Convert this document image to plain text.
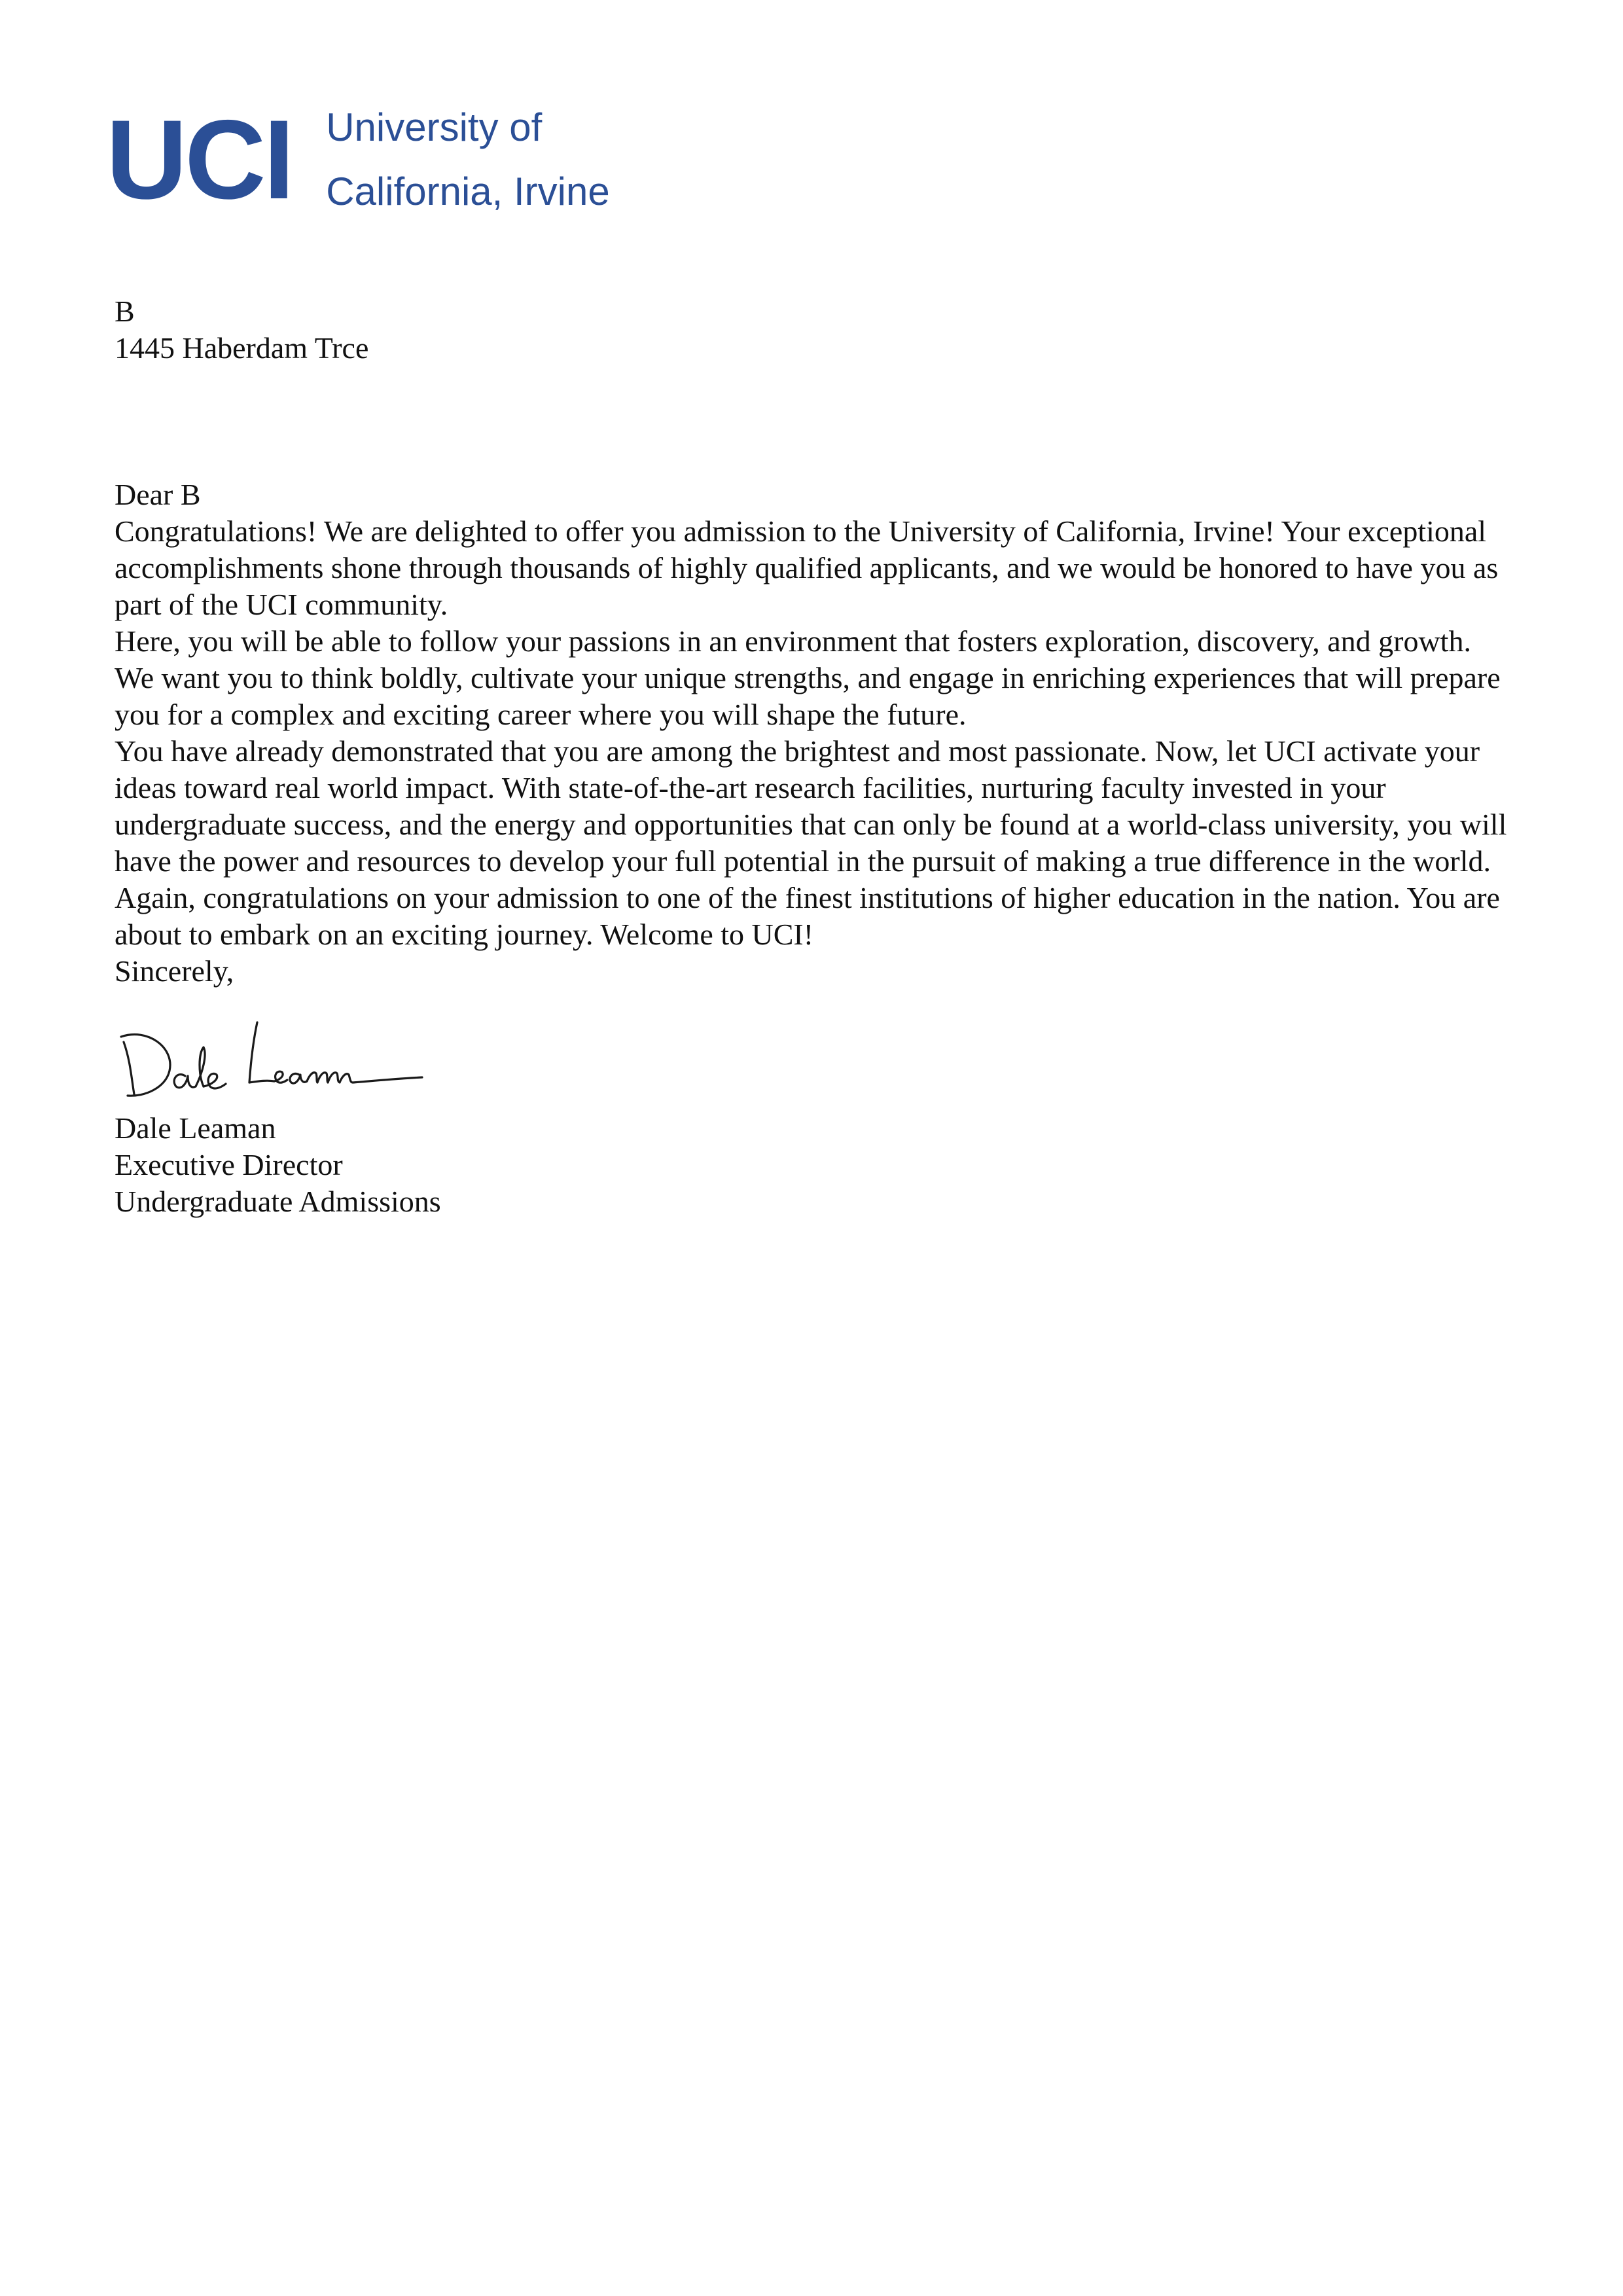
UCI University of
California, Irvine

B

1445 Haberdam Trce

Dear B

Congratulations! We are delighted to offer you admission to the University of California, Irvine! Your exceptional accomplishments shone through thousands of highly qualified applicants, and we would be honored to have you as part of the UCI community.

Here, you will be able to follow your passions in an environment that fosters exploration, discovery, and growth. We want you to think boldly, cultivate your unique strengths, and engage in enriching experiences that will prepare you for a complex and exciting career where you will shape the future.

You have already demonstrated that you are among the brightest and most passionate. Now, let UCI activate your ideas toward real world impact. With state-of-the-art research facilities, nurturing faculty invested in your undergraduate success, and the energy and opportunities that can only be found at a world-class university, you will have the power and resources to develop your full potential in the pursuit of making a true difference in the world.

Again, congratulations on your admission to one of the finest institutions of higher education in the nation. You are about to embark on an exciting journey. Welcome to UCI!

Sincerely,

Dale Leaman

Executive Director

Undergraduate Admissions
